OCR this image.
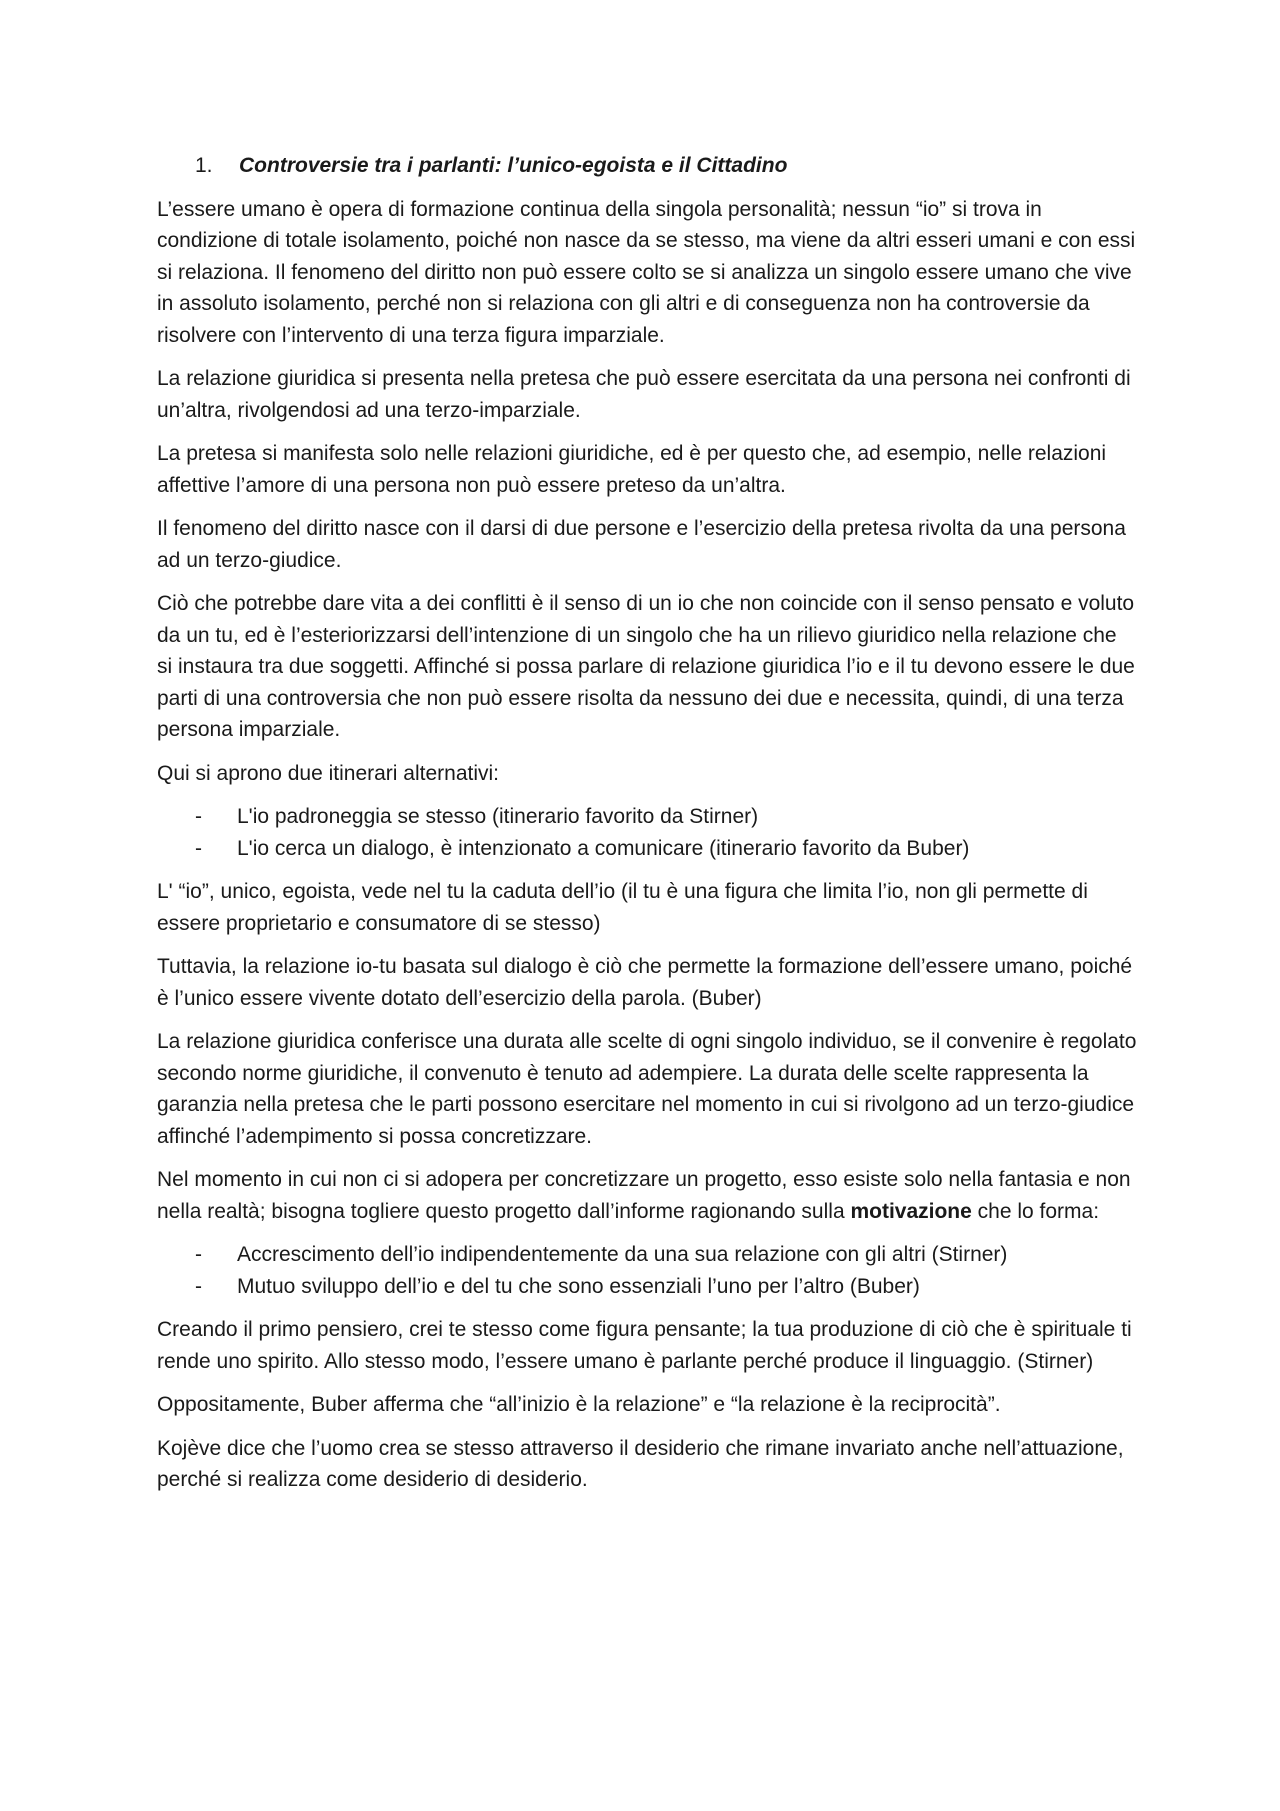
1.	Controversie tra i parlanti: l’unico-egoista e il Cittadino

L’essere umano è opera di formazione continua della singola personalità; nessun “io” si trova in condizione di totale isolamento, poiché non nasce da se stesso, ma viene da altri esseri umani e con essi si relaziona. Il fenomeno del diritto non può essere colto se si analizza un singolo essere umano che vive in assoluto isolamento, perché non si relaziona con gli altri e di conseguenza non ha controversie da risolvere con l’intervento di una terza figura imparziale.

La relazione giuridica si presenta nella pretesa che può essere esercitata da una persona nei confronti di un’altra, rivolgendosi ad una terzo-imparziale.

La pretesa si manifesta solo nelle relazioni giuridiche, ed è per questo che, ad esempio, nelle relazioni affettive l’amore di una persona non può essere preteso da un’altra.

Il fenomeno del diritto nasce con il darsi di due persone e l’esercizio della pretesa rivolta da una persona ad un terzo-giudice.

Ciò che potrebbe dare vita a dei conflitti è il senso di un io che non coincide con il senso pensato e voluto da un tu, ed è l’esteriorizzarsi dell’intenzione di un singolo che ha un rilievo giuridico nella relazione che si instaura tra due soggetti. Affinché si possa parlare di relazione giuridica l’io e il tu devono essere le due parti di una controversia che non può essere risolta da nessuno dei due e necessita, quindi, di una terza persona imparziale.

Qui si aprono due itinerari alternativi:

-	L'io padroneggia se stesso (itinerario favorito da Stirner)
-	L'io cerca un dialogo, è intenzionato a comunicare (itinerario favorito da Buber)

L' “io”, unico, egoista, vede nel tu la caduta dell’io (il tu è una figura che limita l’io, non gli permette di essere proprietario e consumatore di se stesso)

Tuttavia, la relazione io-tu basata sul dialogo è ciò che permette la formazione dell’essere umano, poiché è l’unico essere vivente dotato dell’esercizio della parola. (Buber)

La relazione giuridica conferisce una durata alle scelte di ogni singolo individuo, se il convenire è regolato secondo norme giuridiche, il convenuto è tenuto ad adempiere. La durata delle scelte rappresenta la garanzia nella pretesa che le parti possono esercitare nel momento in cui si rivolgono ad un terzo-giudice affinché l’adempimento si possa concretizzare.

Nel momento in cui non ci si adopera per concretizzare un progetto, esso esiste solo nella fantasia e non nella realtà; bisogna togliere questo progetto dall’informe ragionando sulla motivazione che lo forma:

-	Accrescimento dell’io indipendentemente da una sua relazione con gli altri (Stirner)
-	Mutuo sviluppo dell’io e del tu che sono essenziali l’uno per l’altro (Buber)

Creando il primo pensiero, crei te stesso come figura pensante; la tua produzione di ciò che è spirituale ti rende uno spirito. Allo stesso modo, l’essere umano è parlante perché produce il linguaggio. (Stirner)

Oppositamente, Buber afferma che “all’inizio è la relazione” e “la relazione è la reciprocità”.

Kojève dice che l’uomo crea se stesso attraverso il desiderio che rimane invariato anche nell’attuazione, perché si realizza come desiderio di desiderio.
